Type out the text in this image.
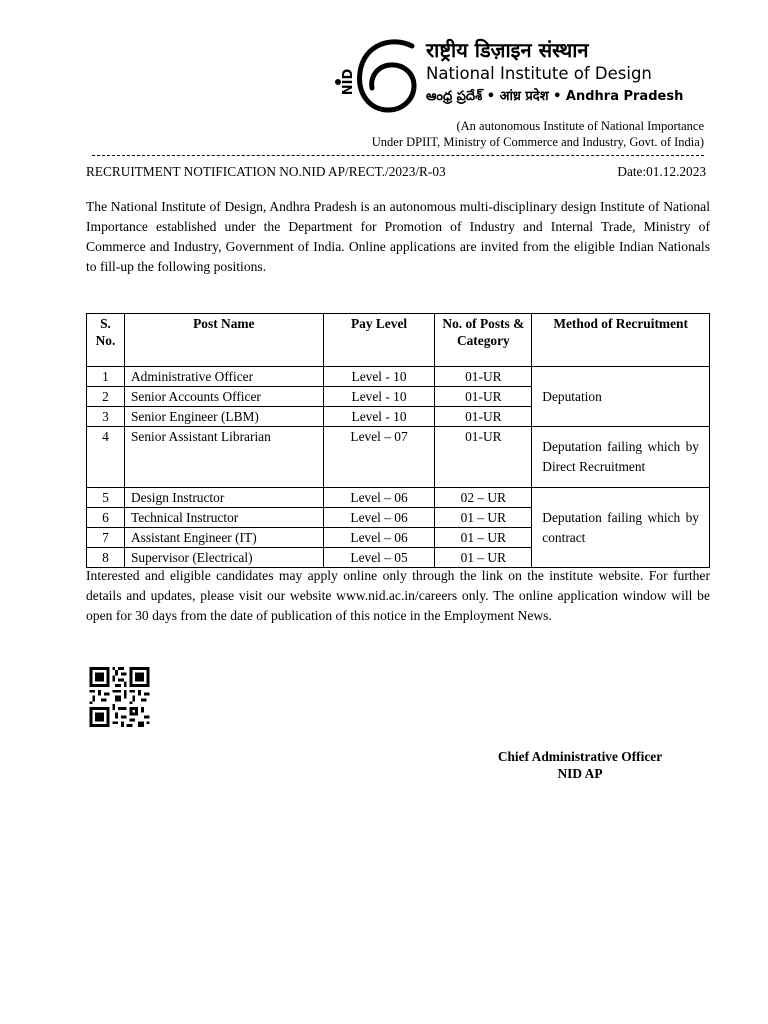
NID
राष्ट्रीय डिज़ाइन संस्थान
National Institute of Design
ఆంధ్ర ప్రదేశ్ • आंध्र प्रदेश • Andhra Pradesh
(An autonomous Institute of National Importance
Under DPIIT, Ministry of Commerce and Industry, Govt. of India)
RECRUITMENT NOTIFICATION NO.NID AP/RECT./2023/R-03	Date:01.12.2023
The National Institute of Design, Andhra Pradesh is an autonomous multi-disciplinary design Institute of National Importance established under the Department for Promotion of Industry and Internal Trade, Ministry of Commerce and Industry, Government of India. Online applications are invited from the eligible Indian Nationals to fill-up the following positions.
S. No.	Post Name	Pay Level	No. of Posts & Category	Method of Recruitment
1	Administrative Officer	Level - 10	01-UR	Deputation
2	Senior Accounts Officer	Level - 10	01-UR	
3	Senior Engineer (LBM)	Level - 10	01-UR	
4	Senior Assistant Librarian	Level – 07	01-UR	Deputation failing which by Direct Recruitment
5	Design Instructor	Level – 06	02 – UR	Deputation failing which by contract
6	Technical Instructor	Level – 06	01 – UR	
7	Assistant Engineer (IT)	Level – 06	01 – UR	
8	Supervisor (Electrical)	Level – 05	01 – UR	
Interested and eligible candidates may apply online only through the link on the institute website. For further details and updates, please visit our website www.nid.ac.in/careers only. The online application window will be open for 30 days from the date of publication of this notice in the Employment News.
Chief Administrative Officer
NID AP
